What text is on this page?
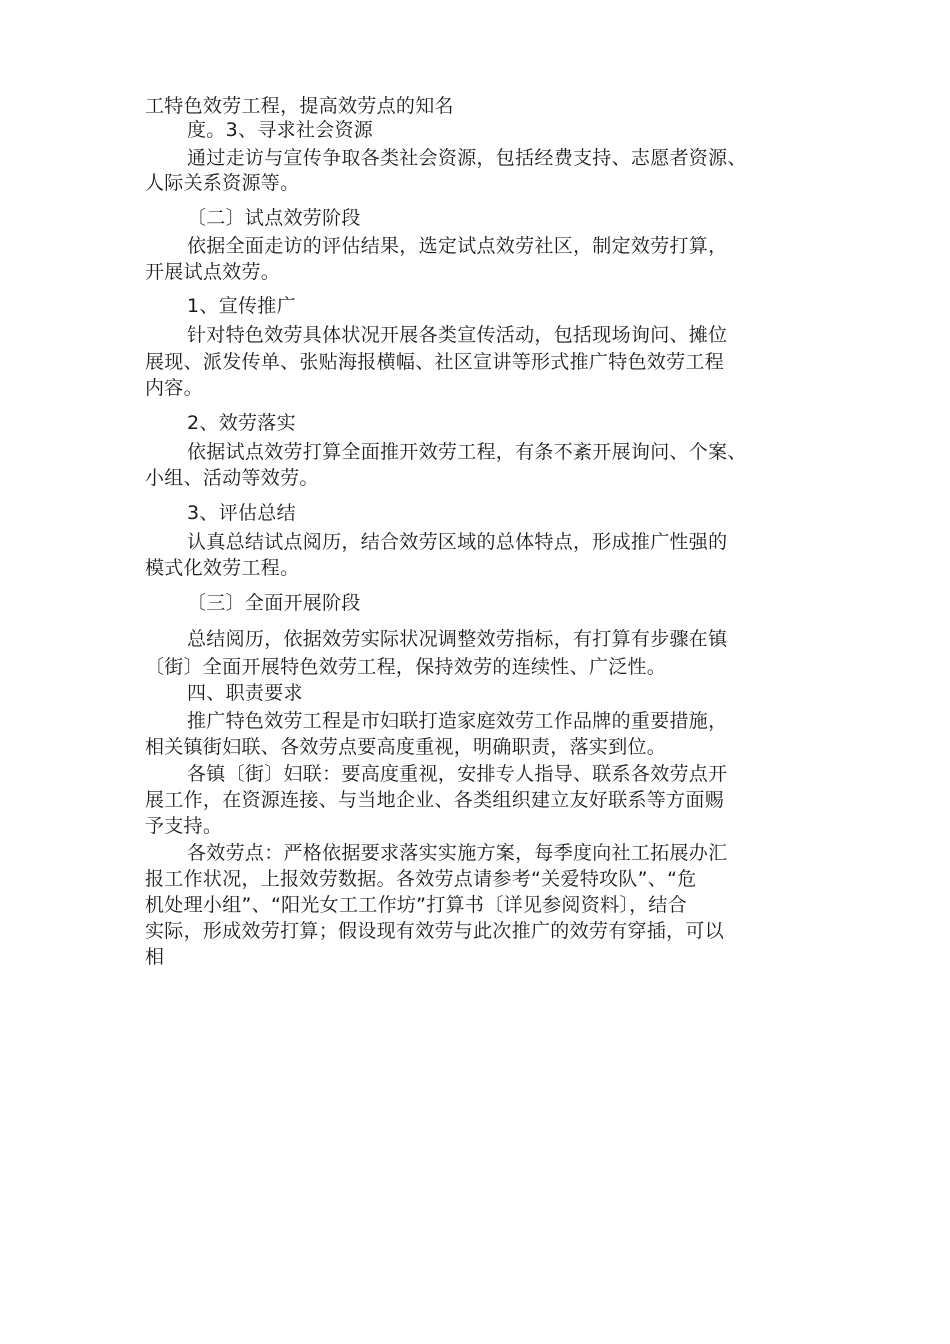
工特色效劳工程，提高效劳点的知名
度。3、寻求社会资源
通过走访与宣传争取各类社会资源，包括经费支持、志愿者资源、
人际关系资源等。
〔二〕试点效劳阶段
依据全面走访的评估结果，选定试点效劳社区，制定效劳打算，
开展试点效劳。
1、宣传推广
针对特色效劳具体状况开展各类宣传活动，包括现场询问、摊位
展现、派发传单、张贴海报横幅、社区宣讲等形式推广特色效劳工程
内容。
2、效劳落实
依据试点效劳打算全面推开效劳工程，有条不紊开展询问、个案、
小组、活动等效劳。
3、评估总结
认真总结试点阅历，结合效劳区域的总体特点，形成推广性强的
模式化效劳工程。
〔三〕全面开展阶段
总结阅历，依据效劳实际状况调整效劳指标，有打算有步骤在镇
〔街〕全面开展特色效劳工程，保持效劳的连续性、广泛性。
四、职责要求
推广特色效劳工程是市妇联打造家庭效劳工作品牌的重要措施，
相关镇街妇联、各效劳点要高度重视，明确职责，落实到位。
各镇〔街〕妇联：要高度重视，安排专人指导、联系各效劳点开
展工作，在资源连接、与当地企业、各类组织建立友好联系等方面赐
予支持。
各效劳点：严格依据要求落实实施方案，每季度向社工拓展办汇
报工作状况，上报效劳数据。各效劳点请参考“关爱特攻队”、“危
机处理小组”、“阳光女工工作坊”打算书〔详见参阅资料〕，结合
实际，形成效劳打算；假设现有效劳与此次推广的效劳有穿插，可以
相
